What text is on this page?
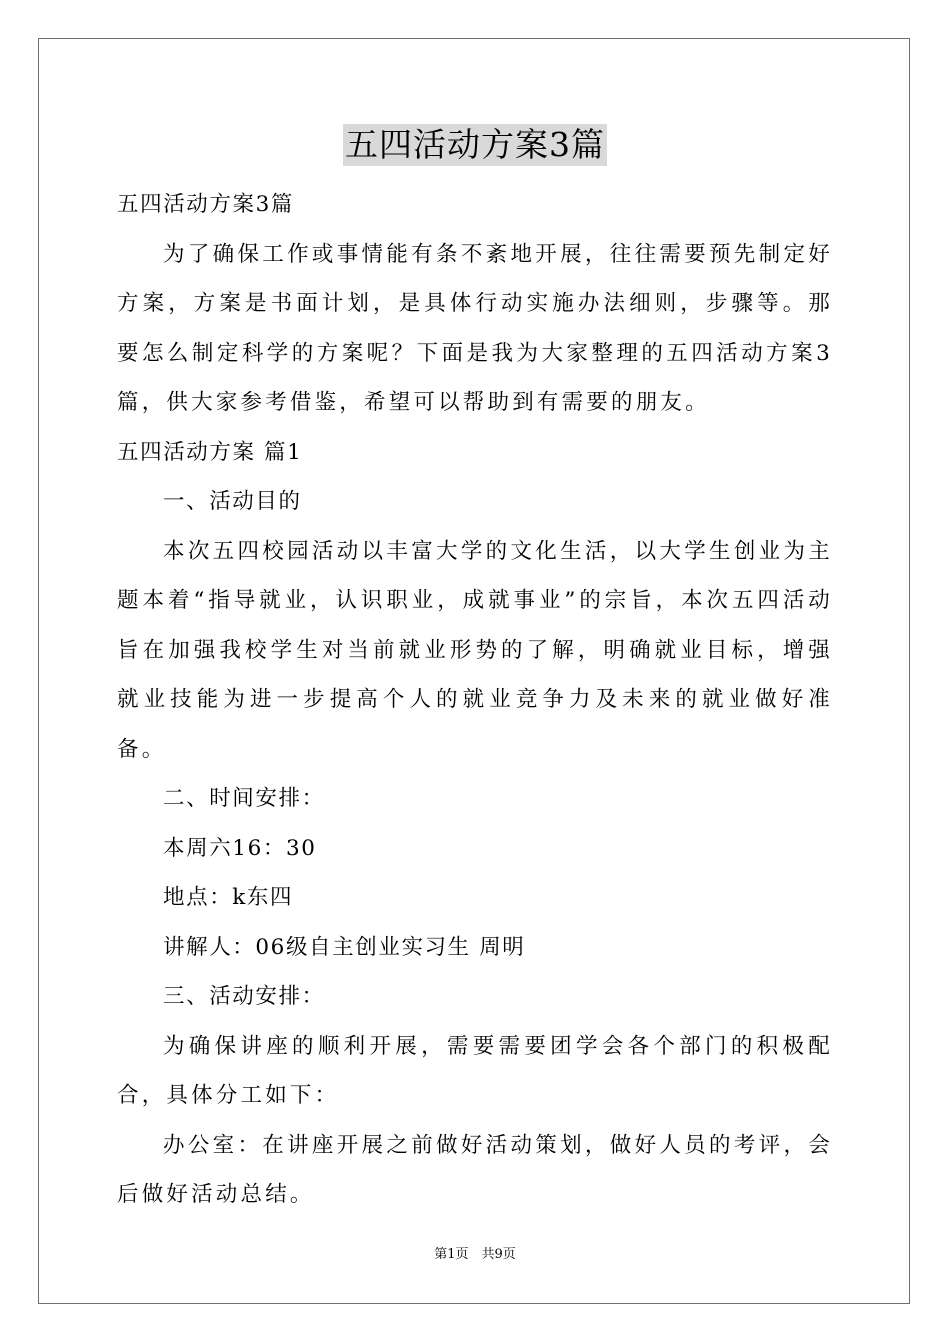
五四活动方案3篇
五四活动方案3篇
为了确保工作或事情能有条不紊地开展，往往需要预先制定好方案，方案是书面计划，是具体行动实施办法细则，步骤等。那要怎么制定科学的方案呢？下面是我为大家整理的五四活动方案3篇，供大家参考借鉴，希望可以帮助到有需要的朋友。
五四活动方案 篇1
一、活动目的
本次五四校园活动以丰富大学的文化生活，以大学生创业为主题本着“指导就业，认识职业，成就事业”的宗旨，本次五四活动旨在加强我校学生对当前就业形势的了解，明确就业目标，增强就业技能为进一步提高个人的就业竞争力及未来的就业做好准备。
二、时间安排：
本周六16：30
地点：k东四
讲解人：06级自主创业实习生 周明
三、活动安排：
为确保讲座的顺利开展，需要需要团学会各个部门的积极配合，具体分工如下：
办公室：在讲座开展之前做好活动策划，做好人员的考评，会后做好活动总结。
第1页　共9页
